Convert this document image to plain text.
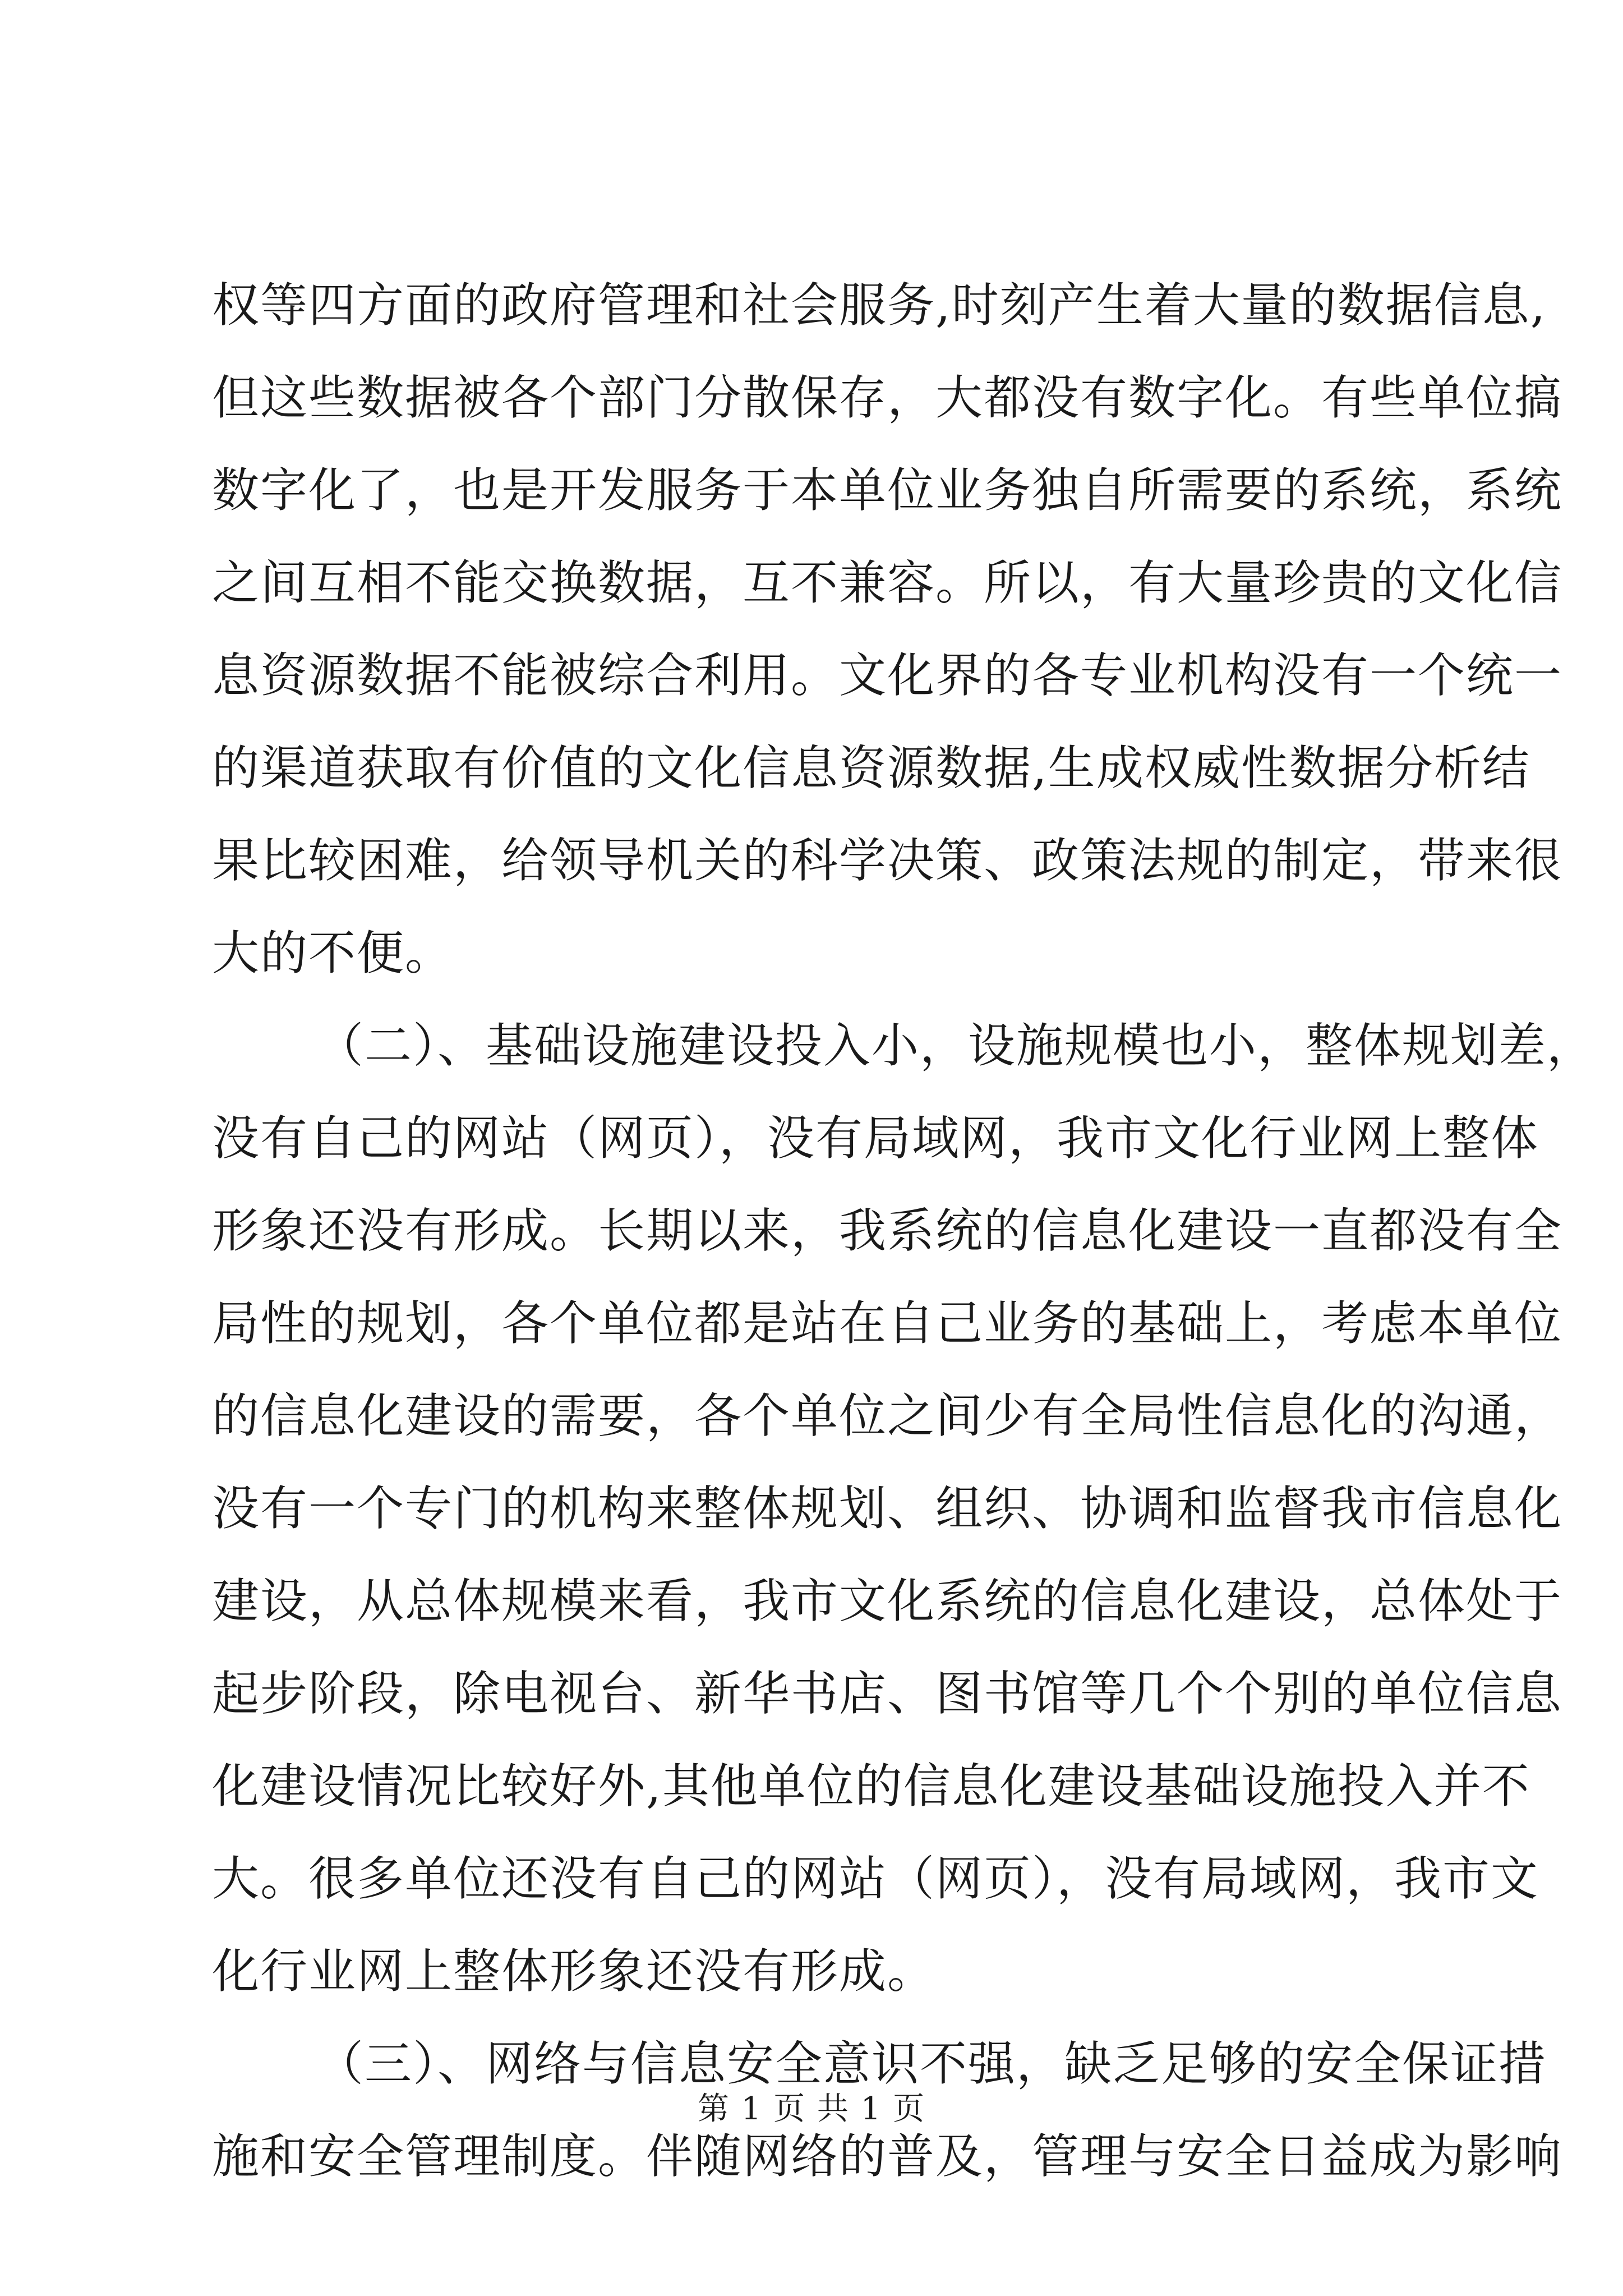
权等四方面的政府管理和社会服务,时刻产生着大量的数据信息,
但这些数据被各个部门分散保存，大都没有数字化。有些单位搞
数字化了，也是开发服务于本单位业务独自所需要的系统，系统
之间互相不能交换数据，互不兼容。所以，有大量珍贵的文化信
息资源数据不能被综合利用。文化界的各专业机构没有一个统一
的渠道获取有价值的文化信息资源数据,生成权威性数据分析结
果比较困难，给领导机关的科学决策、政策法规的制定，带来很
大的不便。
（二）、基础设施建设投入小，设施规模也小，整体规划差，
没有自己的网站（网页），没有局域网，我市文化行业网上整体
形象还没有形成。长期以来，我系统的信息化建设一直都没有全
局性的规划，各个单位都是站在自己业务的基础上，考虑本单位
的信息化建设的需要，各个单位之间少有全局性信息化的沟通，
没有一个专门的机构来整体规划、组织、协调和监督我市信息化
建设，从总体规模来看，我市文化系统的信息化建设，总体处于
起步阶段，除电视台、新华书店、图书馆等几个个别的单位信息
化建设情况比较好外,其他单位的信息化建设基础设施投入并不
大。很多单位还没有自己的网站（网页），没有局域网，我市文
化行业网上整体形象还没有形成。
（三）、网络与信息安全意识不强，缺乏足够的安全保证措
施和安全管理制度。伴随网络的普及，管理与安全日益成为影响
第 1 页 共 1 页
